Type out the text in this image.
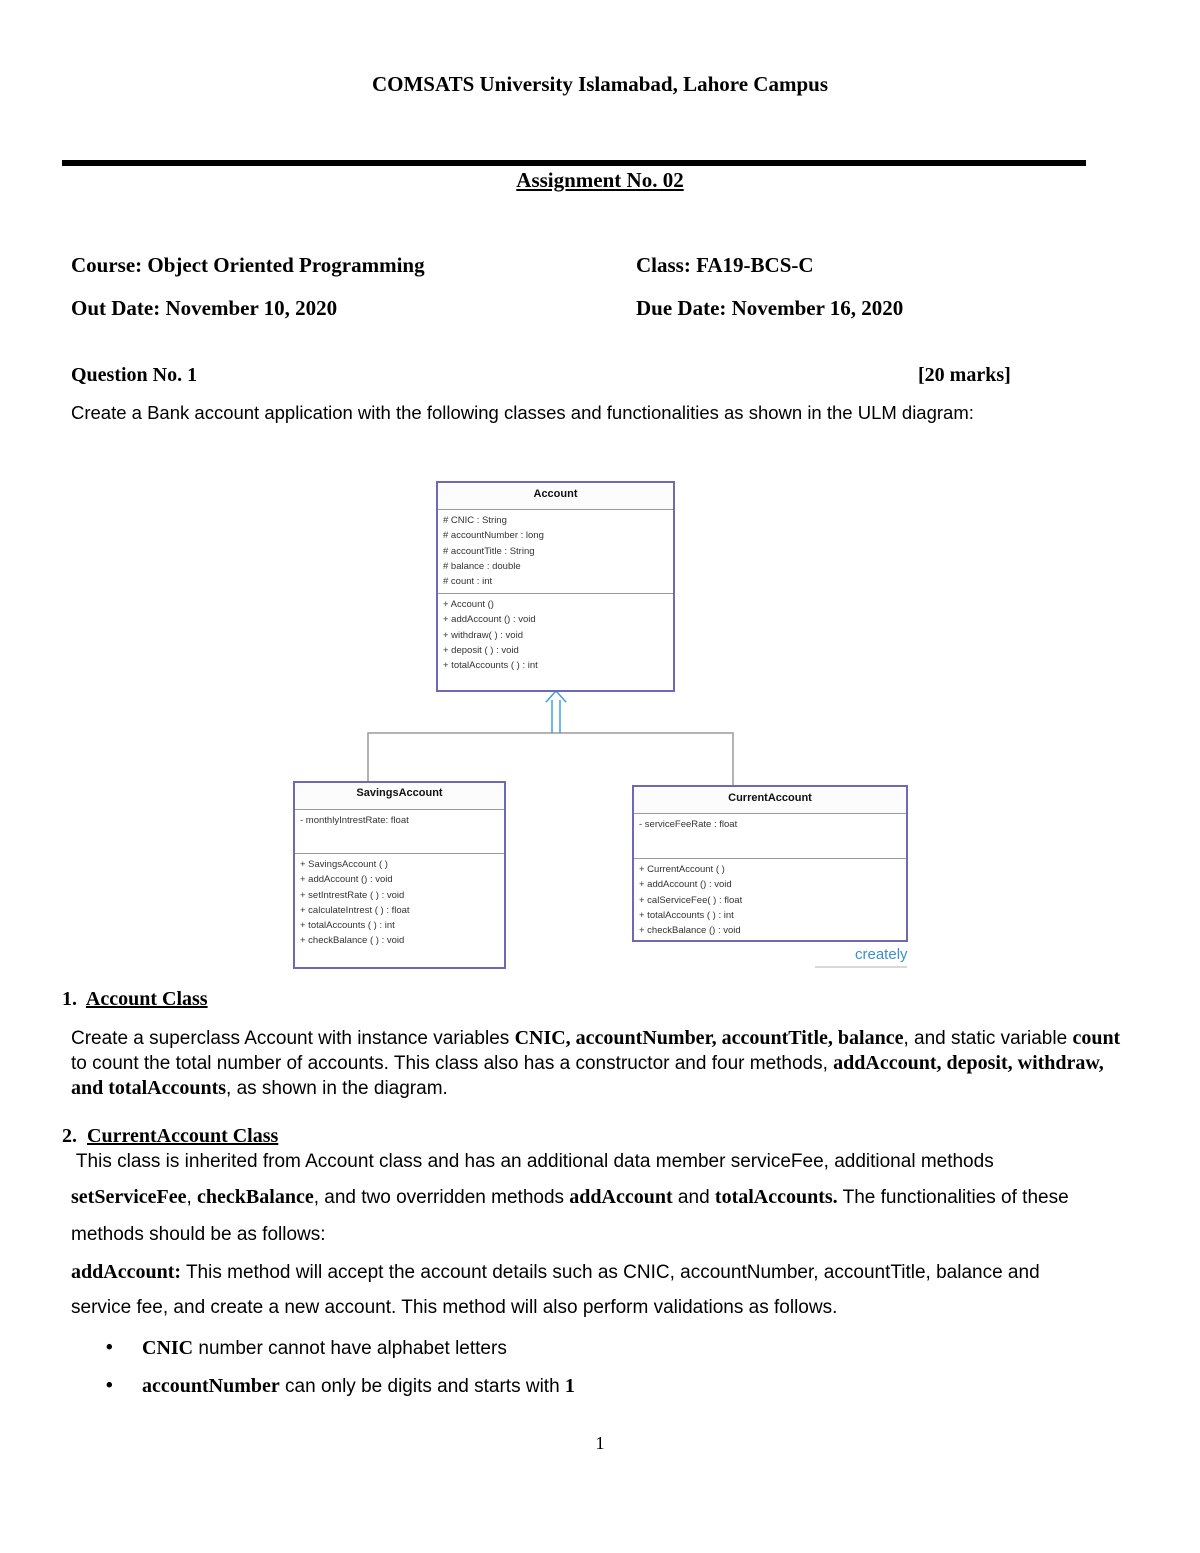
COMSATS University Islamabad, Lahore Campus
Assignment No. 02
Course: Object Oriented Programming	Class: FA19-BCS-C
Out Date: November 10, 2020	Due Date: November 16, 2020
Question No. 1	[20 marks]
Create a Bank account application with the following classes and functionalities as shown in the ULM diagram:
Account
# CNIC : String
# accountNumber : long
# accountTitle : String
# balance : double
# count : int
+ Account ()
+ addAccount () : void
+ withdraw( ) : void
+ deposit ( ) : void
+ totalAccounts ( ) : int
SavingsAccount
- monthlyIntrestRate: float
+ SavingsAccount ( )
+ addAccount () : void
+ setIntrestRate ( ) : void
+ calculateIntrest ( ) : float
+ totalAccounts ( ) : int
+ checkBalance ( ) : void
CurrentAccount
- serviceFeeRate : float
+ CurrentAccount ( )
+ addAccount () : void
+ calServiceFee( ) : float
+ totalAccounts ( ) : int
+ checkBalance () : void
creately
1. Account Class
Create a superclass Account with instance variables CNIC, accountNumber, accountTitle, balance, and static variable count to count the total number of accounts. This class also has a constructor and four methods, addAccount, deposit, withdraw, and totalAccounts, as shown in the diagram.
2. CurrentAccount Class
This class is inherited from Account class and has an additional data member serviceFee, additional methods
setServiceFee, checkBalance, and two overridden methods addAccount and totalAccounts. The functionalities of these
methods should be as follows:
addAccount: This method will accept the account details such as CNIC, accountNumber, accountTitle, balance and
service fee, and create a new account. This method will also perform validations as follows.
• CNIC number cannot have alphabet letters
• accountNumber can only be digits and starts with 1
1
